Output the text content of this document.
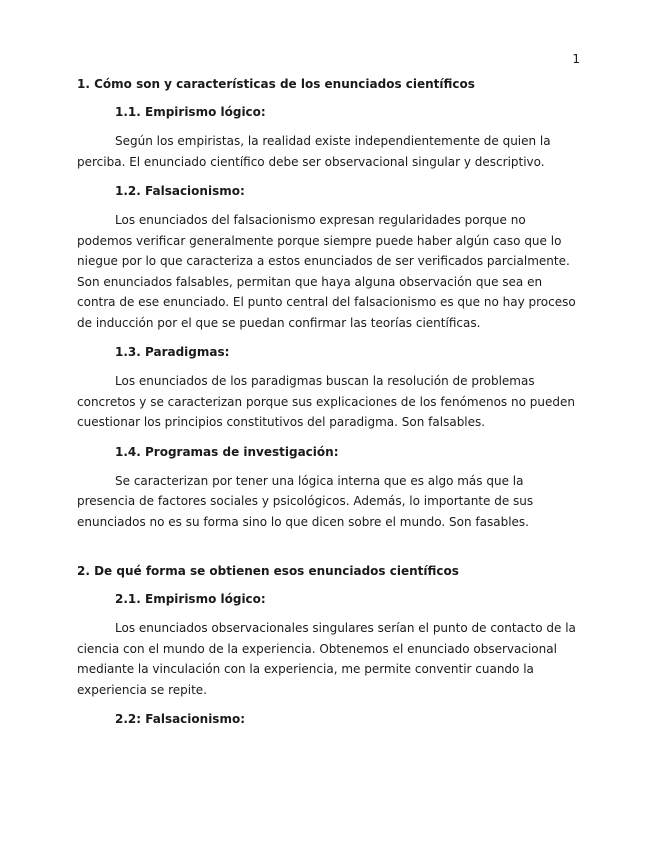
1
1. Cómo son y características de los enunciados científicos
1.1. Empirismo lógico:

Según los empiristas, la realidad existe independientemente de quien la perciba. El enunciado científico debe ser observacional singular y descriptivo.

1.2. Falsacionismo:

Los enunciados del falsacionismo expresan regularidades porque no podemos verificar generalmente porque siempre puede haber algún caso que lo niegue por lo que caracteriza a estos enunciados de ser verificados parcialmente. Son enunciados falsables, permitan que haya alguna observación que sea en contra de ese enunciado. El punto central del falsacionismo es que no hay proceso de inducción por el que se puedan confirmar las teorías científicas.

1.3. Paradigmas:

Los enunciados de los paradigmas buscan la resolución de problemas concretos y se caracterizan porque sus explicaciones de los fenómenos no pueden cuestionar los principios constitutivos del paradigma. Son falsables.

1.4. Programas de investigación:

Se caracterizan por tener una lógica interna que es algo más que la presencia de factores sociales y psicológicos. Además, lo importante de sus enunciados no es su forma sino lo que dicen sobre el mundo. Son fasables.

2. De qué forma se obtienen esos enunciados científicos
2.1. Empirismo lógico:

Los enunciados observacionales singulares serían el punto de contacto de la ciencia con el mundo de la experiencia. Obtenemos el enunciado observacional mediante la vinculación con la experiencia, me permite conventir cuando la experiencia se repite.

2.2: Falsacionismo:
